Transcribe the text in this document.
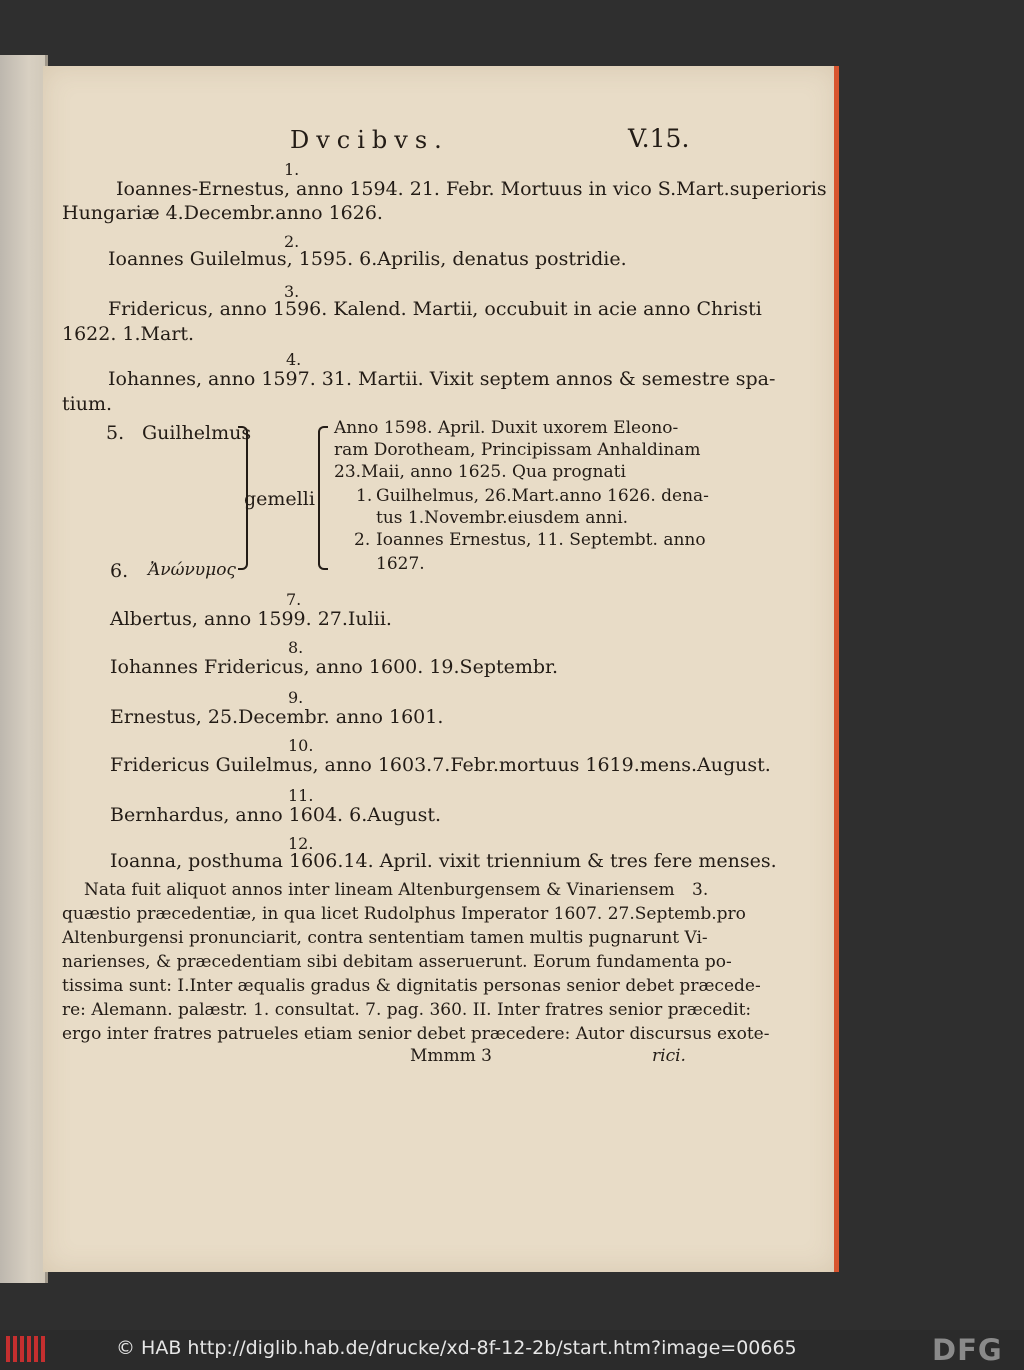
Dvcibvs.	V.15.
1.
Ioannes-Ernestus, anno 1594. 21. Febr. Mortuus in vico S.Mart.superioris
Hungariæ 4.Decembr.anno 1626.
2.
Ioannes Guilelmus, 1595. 6.Aprilis, denatus postridie.
3.
Fridericus, anno 1596. Kalend. Martii, occubuit in acie anno Christi
1622. 1.Mart.
4.
Iohannes, anno 1597. 31. Martii. Vixit septem annos & semestre spa-
tium.
5. Guilhelmus
6. Ἀνώνυμος
gemelli
Anno 1598. April. Duxit uxorem Eleono-
ram Dorotheam, Principissam Anhaldinam
23.Maii, anno 1625. Qua prognati
1. Guilhelmus, 26.Mart.anno 1626. dena-
tus 1.Novembr.eiusdem anni.
2. Ioannes Ernestus, 11. Septembt. anno
1627.
7.
Albertus, anno 1599. 27.Iulii.
8.
Iohannes Fridericus, anno 1600. 19.Septembr.
9.
Ernestus, 25.Decembr. anno 1601.
10.
Fridericus Guilelmus, anno 1603.7.Febr.mortuus 1619.mens.August.
11.
Bernhardus, anno 1604. 6.August.
12.
Ioanna, posthuma 1606.14. April. vixit triennium & tres fere menses.
Nata fuit aliquot annos inter lineam Altenburgensem & Vinariensem 3.
quæstio præcedentiæ, in qua licet Rudolphus Imperator 1607. 27.Septemb.pro
Altenburgensi pronunciarit, contra sententiam tamen multis pugnarunt Vi-
narienses, & præcedentiam sibi debitam asseruerunt. Eorum fundamenta po-
tissima sunt: I.Inter æqualis gradus & dignitatis personas senior debet præcede-
re: Alemann. palæstr. 1. consultat. 7. pag. 360. II. Inter fratres senior præcedit:
ergo inter fratres patrueles etiam senior debet præcedere: Autor discursus exote-
Mmmm 3	rici.
© HAB http://diglib.hab.de/drucke/xd-8f-12-2b/start.htm?image=00665	DFG
